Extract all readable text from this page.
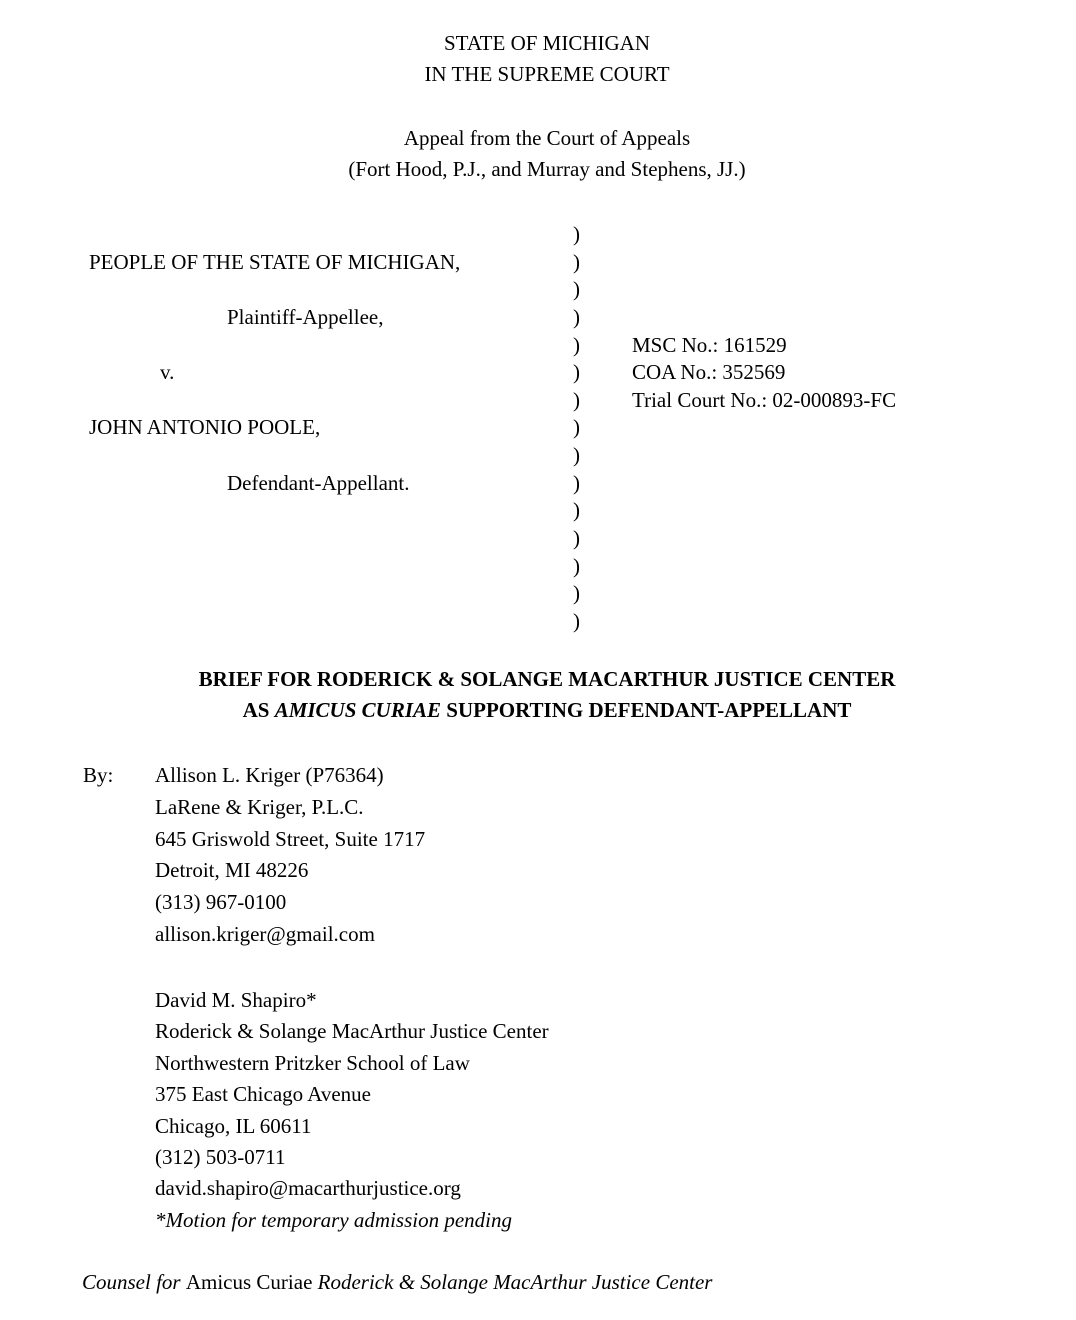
STATE OF MICHIGAN
IN THE SUPREME COURT
Appeal from the Court of Appeals
(Fort Hood, P.J., and Murray and Stephens, JJ.)
)
PEOPLE OF THE STATE OF MICHIGAN,	)
)
Plaintiff-Appellee,	)
)	MSC No.: 161529
v.	)	COA No.: 352569
)	Trial Court No.: 02-000893-FC
JOHN ANTONIO POOLE,	)
)
Defendant-Appellant.	)
)
)
)
)
)
BRIEF FOR RODERICK & SOLANGE MACARTHUR JUSTICE CENTER
AS AMICUS CURIAE SUPPORTING DEFENDANT-APPELLANT
By: Allison L. Kriger (P76364)
LaRene & Kriger, P.L.C.
645 Griswold Street, Suite 1717
Detroit, MI 48226
(313) 967-0100
allison.kriger@gmail.com
David M. Shapiro*
Roderick & Solange MacArthur Justice Center
Northwestern Pritzker School of Law
375 East Chicago Avenue
Chicago, IL 60611
(312) 503-0711
david.shapiro@macarthurjustice.org
*Motion for temporary admission pending
Counsel for Amicus Curiae Roderick & Solange MacArthur Justice Center
